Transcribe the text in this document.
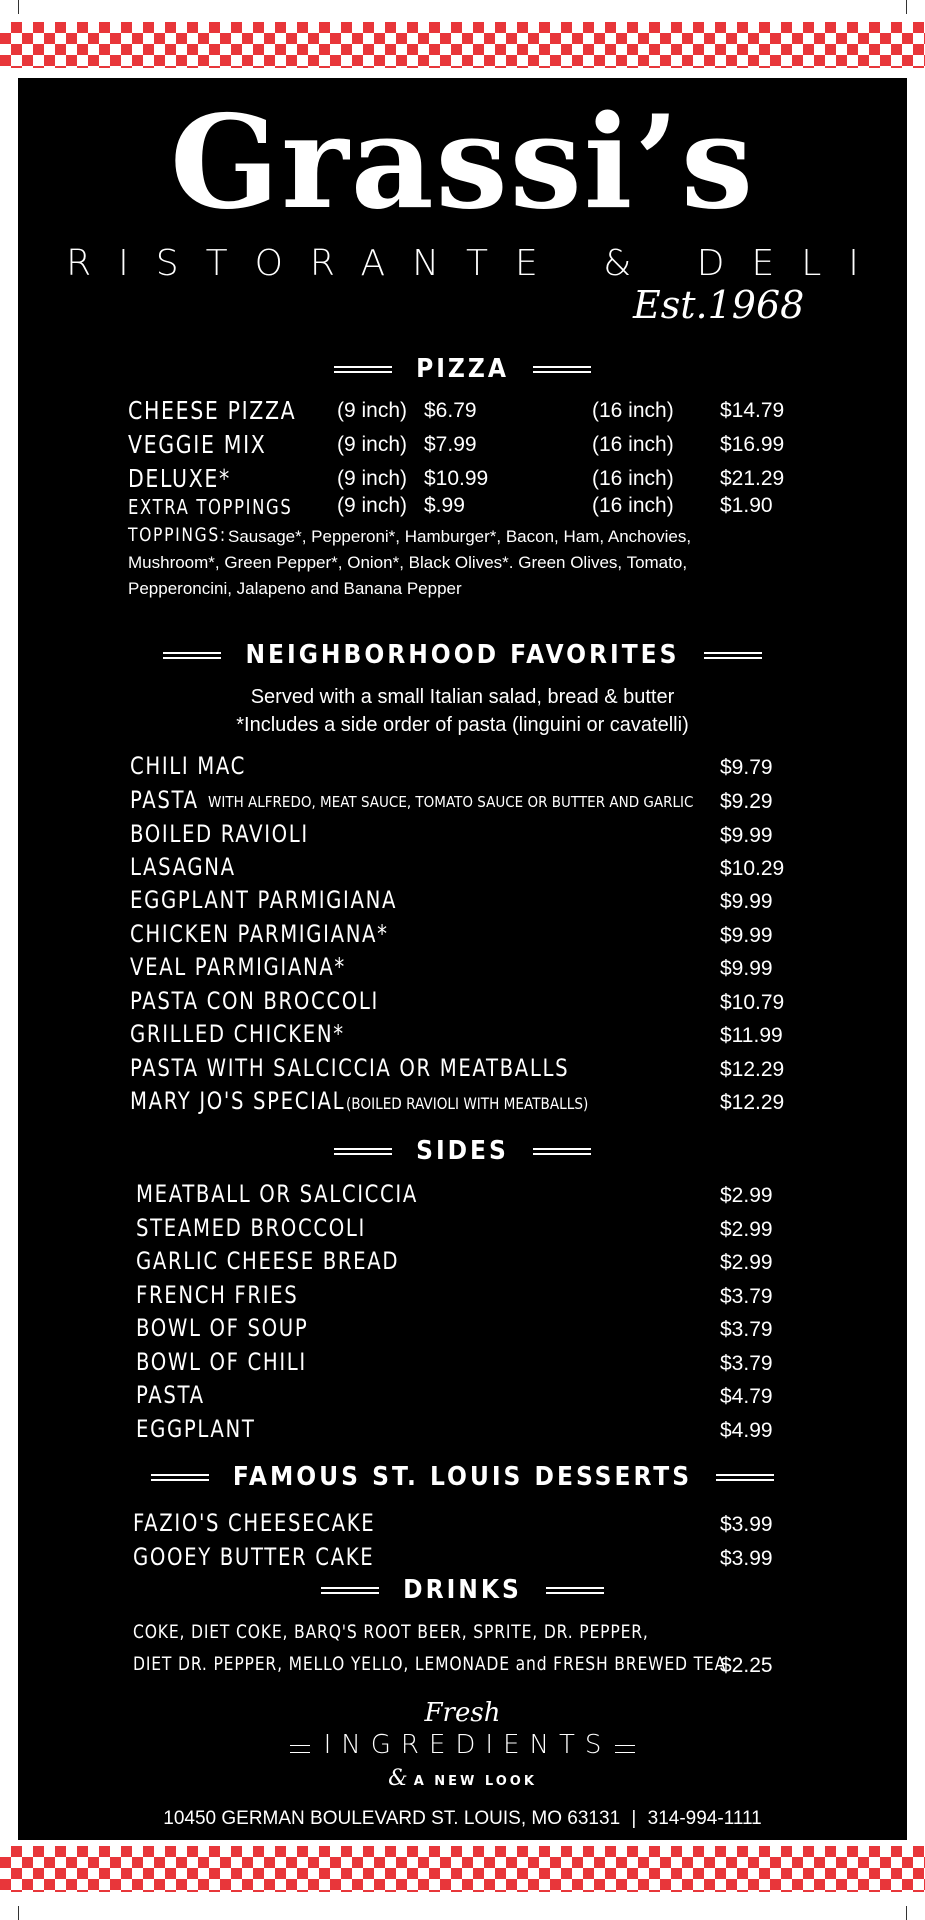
Grassi’s
RISTORANTE & DELI
Est.1968
PIZZA
CHEESE PIZZA (9 inch) $6.79	(16 inch) $14.79
VEGGIE MIX	(9 inch) $7.99	(16 inch) $16.99
DELUXE*	(9 inch) $10.99	(16 inch) $21.29
EXTRA TOPPINGS (9 inch) $.99	(16 inch) $1.90
TOPPINGS: Sausage*, Pepperoni*, Hamburger*, Bacon, Ham, Anchovies,
Mushroom*, Green Pepper*, Onion*, Black Olives*. Green Olives, Tomato,
Pepperoncini, Jalapeno and Banana Pepper
NEIGHBORHOOD FAVORITES
Served with a small Italian salad, bread & butter
*Includes a side order of pasta (linguini or cavatelli)
CHILI MAC	$9.79
PASTA WITH ALFREDO, MEAT SAUCE, TOMATO SAUCE OR BUTTER AND GARLIC $9.29
BOILED RAVIOLI	$9.99
LASAGNA	$10.29
EGGPLANT PARMIGIANA	$9.99
CHICKEN PARMIGIANA*	$9.99
VEAL PARMIGIANA*	$9.99
PASTA CON BROCCOLI	$10.79
GRILLED CHICKEN*	$11.99
PASTA WITH SALCICCIA OR MEATBALLS	$12.29
MARY JO'S SPECIAL (BOILED RAVIOLI WITH MEATBALLS)	$12.29
SIDES
MEATBALL OR SALCICCIA	$2.99
STEAMED BROCCOLI	$2.99
GARLIC CHEESE BREAD	$2.99
FRENCH FRIES	$3.79
BOWL OF SOUP	$3.79
BOWL OF CHILI	$3.79
PASTA	$4.79
EGGPLANT	$4.99
FAMOUS ST. LOUIS DESSERTS
FAZIO'S CHEESECAKE	$3.99
GOOEY BUTTER CAKE	$3.99
DRINKS
COKE, DIET COKE, BARQ'S ROOT BEER, SPRITE, DR. PEPPER,
DIET DR. PEPPER, MELLO YELLO, LEMONADE and FRESH BREWED TEA
$2.25
Fresh
INGREDIENTS
& A NEW LOOK
10450 GERMAN BOULEVARD ST. LOUIS, MO 63131 | 314-994-1111
